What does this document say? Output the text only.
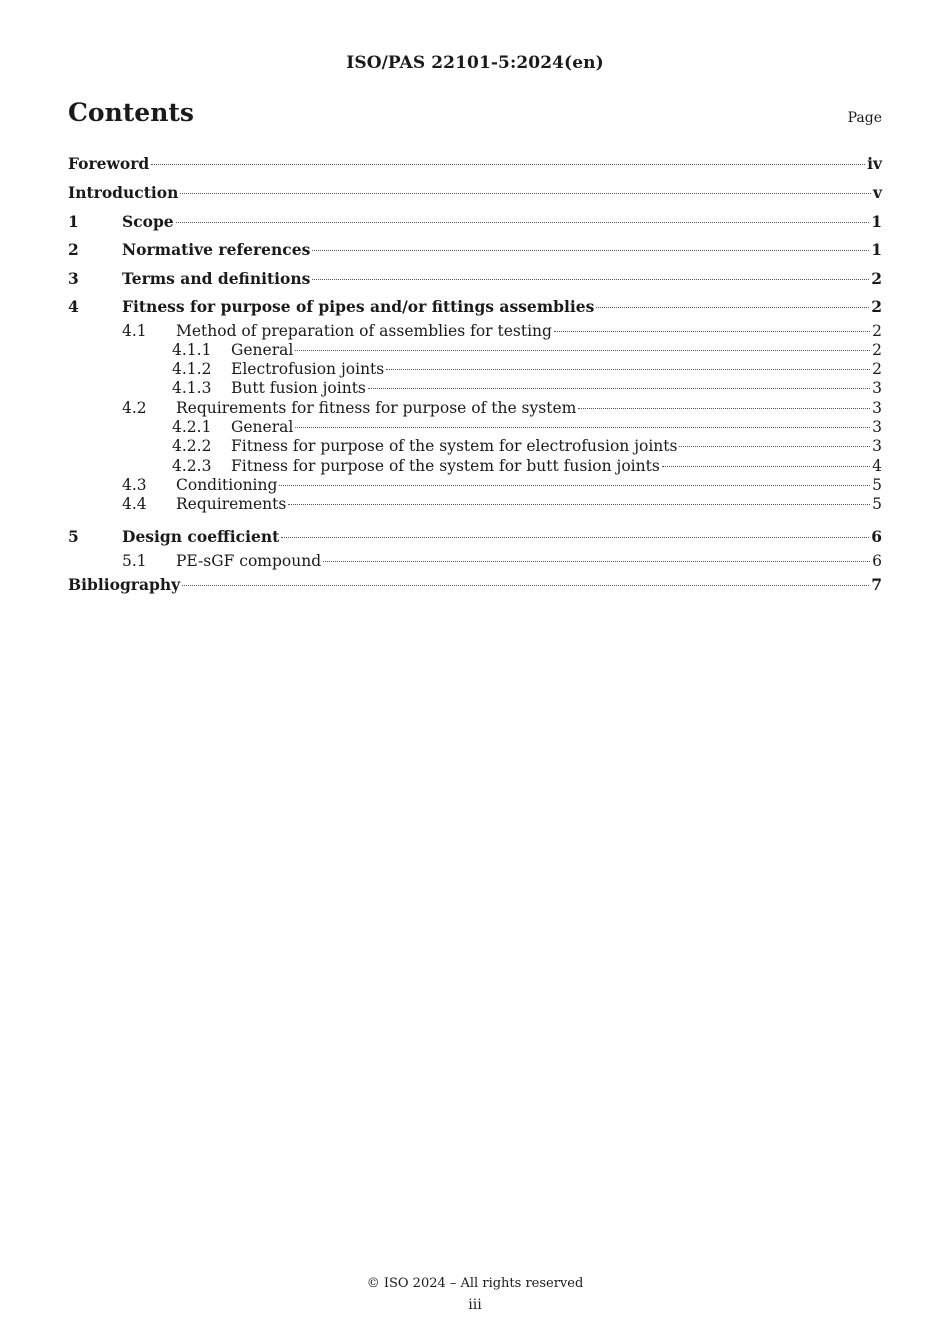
ISO/PAS 22101-5:2024(en)
Contents	Page
Foreword	iv
Introduction	v
1	Scope	1
2	Normative references	1
3	Terms and definitions	2
4	Fitness for purpose of pipes and/or fittings assemblies	2
4.1	Method of preparation of assemblies for testing	2
4.1.1	General	2
4.1.2	Electrofusion joints	2
4.1.3	Butt fusion joints	3
4.2	Requirements for fitness for purpose of the system	3
4.2.1	General	3
4.2.2	Fitness for purpose of the system for electrofusion joints	3
4.2.3	Fitness for purpose of the system for butt fusion joints	4
4.3	Conditioning	5
4.4	Requirements	5
5	Design coefficient	6
5.1	PE-sGF compound	6
Bibliography	7
© ISO 2024 – All rights reserved
iii
